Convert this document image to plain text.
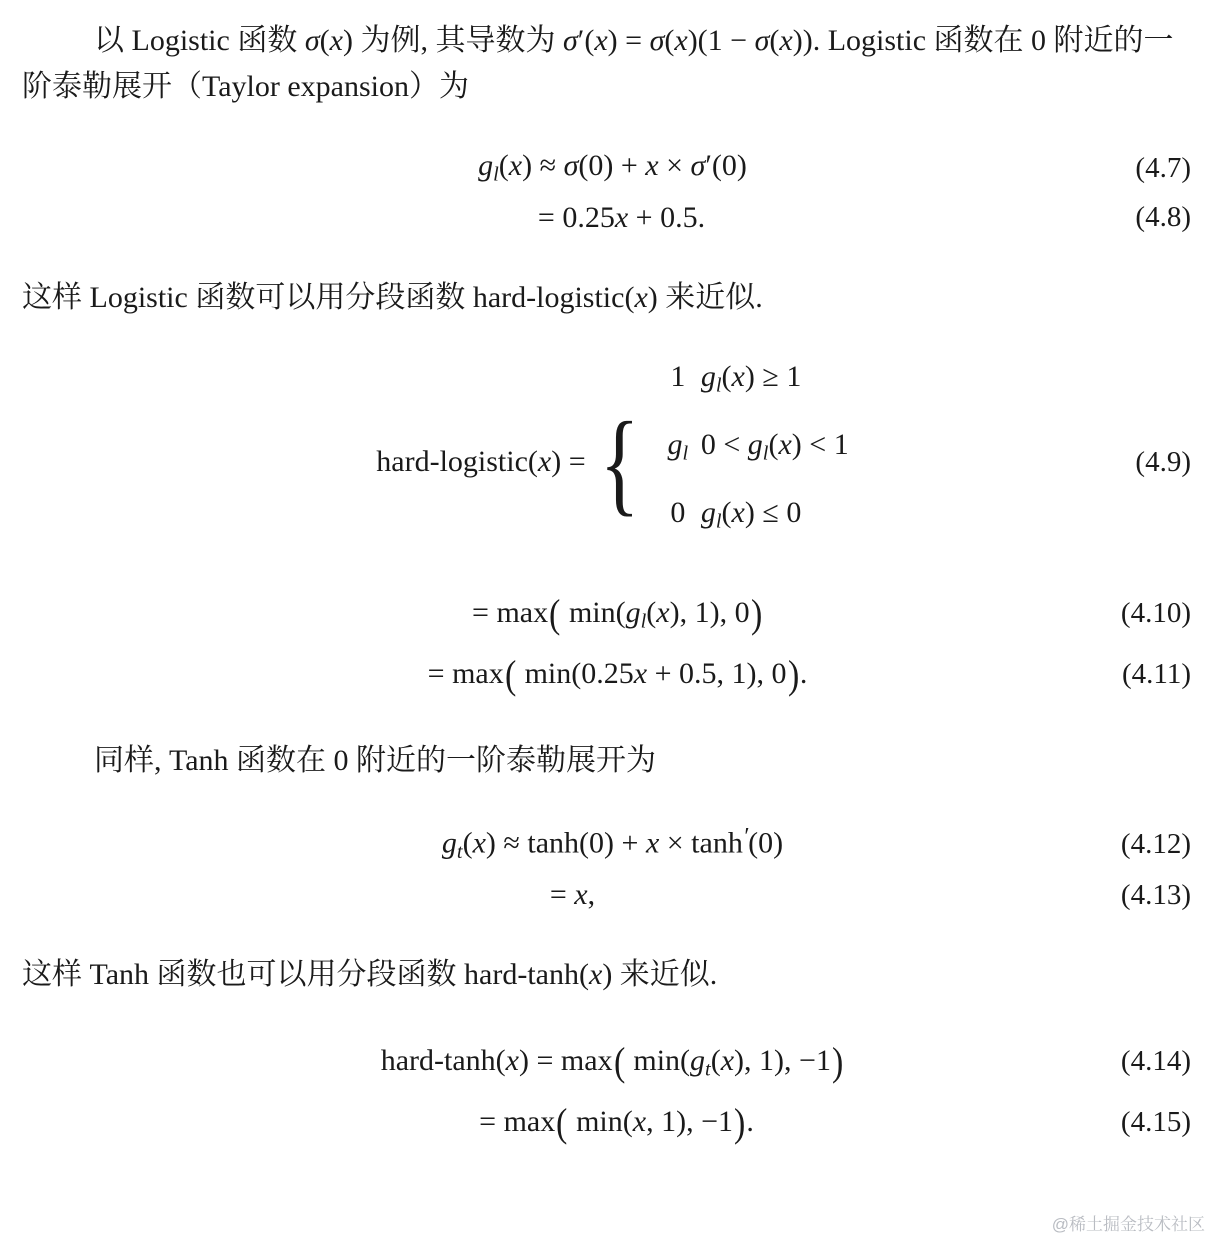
以 Logistic 函数 σ(x) 为例, 其导数为 σ′(x) = σ(x)(1 − σ(x)). Logistic 函数在 0 附近的一阶泰勒展开（Taylor expansion）为

$g_l(x) \approx \sigma(0) + x \times \sigma'(0)$	(4.7)
= 0.25x + 0.5.	(4.8)

这样 Logistic 函数可以用分段函数 hard-logistic(x) 来近似.

hard-logistic(x) = {
1 $g_l(x) \ge 1$
$g_l$ $0 < g_l(x) < 1$
0 $g_l(x) \le 0$
(4.9)
= max( $\min(g_l(x)$, 1), 0)	(4.10)
= max( min(0.25x + 0.5, 1), 0).	(4.11)

同样, Tanh 函数在 0 附近的一阶泰勒展开为

$g_t(x) \approx \tanh(0) + x \times \tanh'(0)$	(4.12)
= x,	(4.13)

这样 Tanh 函数也可以用分段函数 hard-tanh(x) 来近似.

hard-tanh(x) = max( $\min(g_t(x)$, 1), −1)	(4.14)
= max( min(x, 1), −1).	(4.15)
@稀土掘金技术社区
